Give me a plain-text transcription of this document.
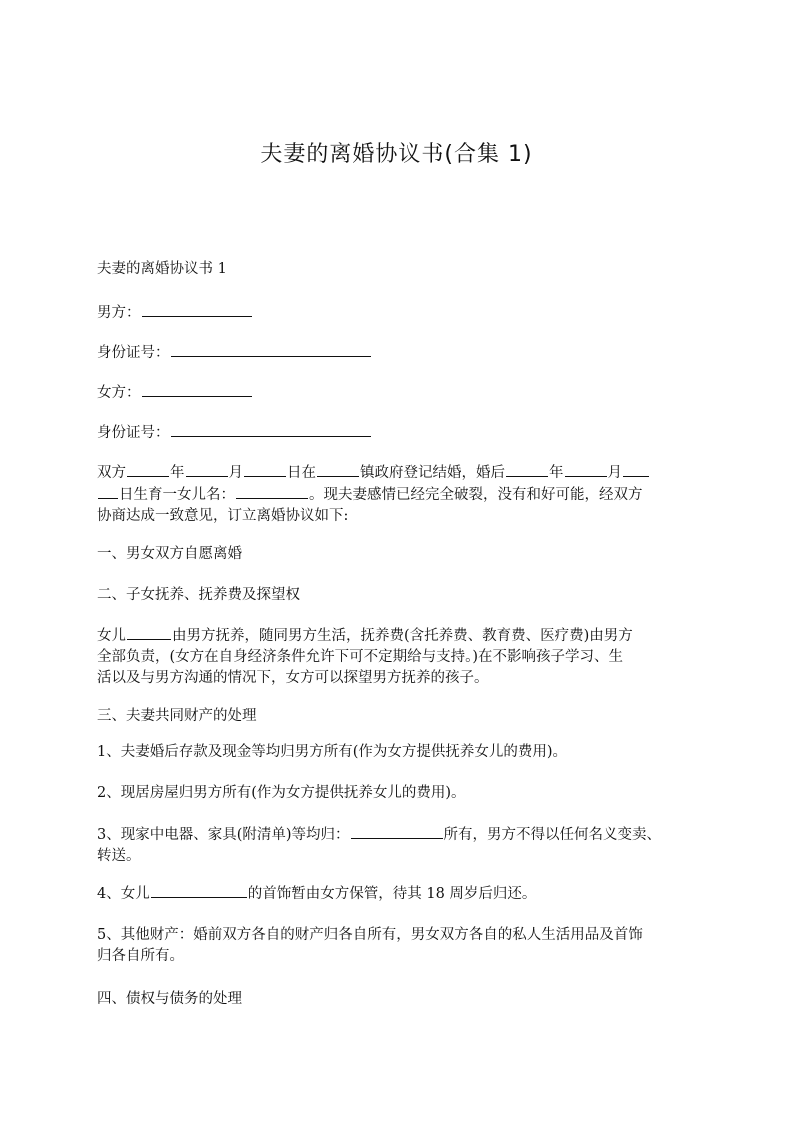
夫妻的离婚协议书(合集 1)
夫妻的离婚协议书 1
男方：
身份证号：
女方：
身份证号：
双方	年	月	日在	镇政府登记结婚，婚后	年	月
日生育一女儿名：	。现夫妻感情已经完全破裂，没有和好可能，经双方
协商达成一致意见，订立离婚协议如下:
一、男女双方自愿离婚
二、子女抚养、抚养费及探望权
女儿	由男方抚养，随同男方生活，抚养费(含托养费、教育费、医疗费)由男方
全部负责，(女方在自身经济条件允许下可不定期给与支持。)在不影响孩子学习、生
活以及与男方沟通的情况下，女方可以探望男方抚养的孩子。
三、夫妻共同财产的处理
1、夫妻婚后存款及现金等均归男方所有(作为女方提供抚养女儿的费用)。
2、现居房屋归男方所有(作为女方提供抚养女儿的费用)。
3、现家中电器、家具(附清单)等均归：	所有，男方不得以任何名义变卖、
转送。
4、女儿	的首饰暂由女方保管，待其 18 周岁后归还。
5、其他财产：婚前双方各自的财产归各自所有，男女双方各自的私人生活用品及首饰
归各自所有。
四、债权与债务的处理
